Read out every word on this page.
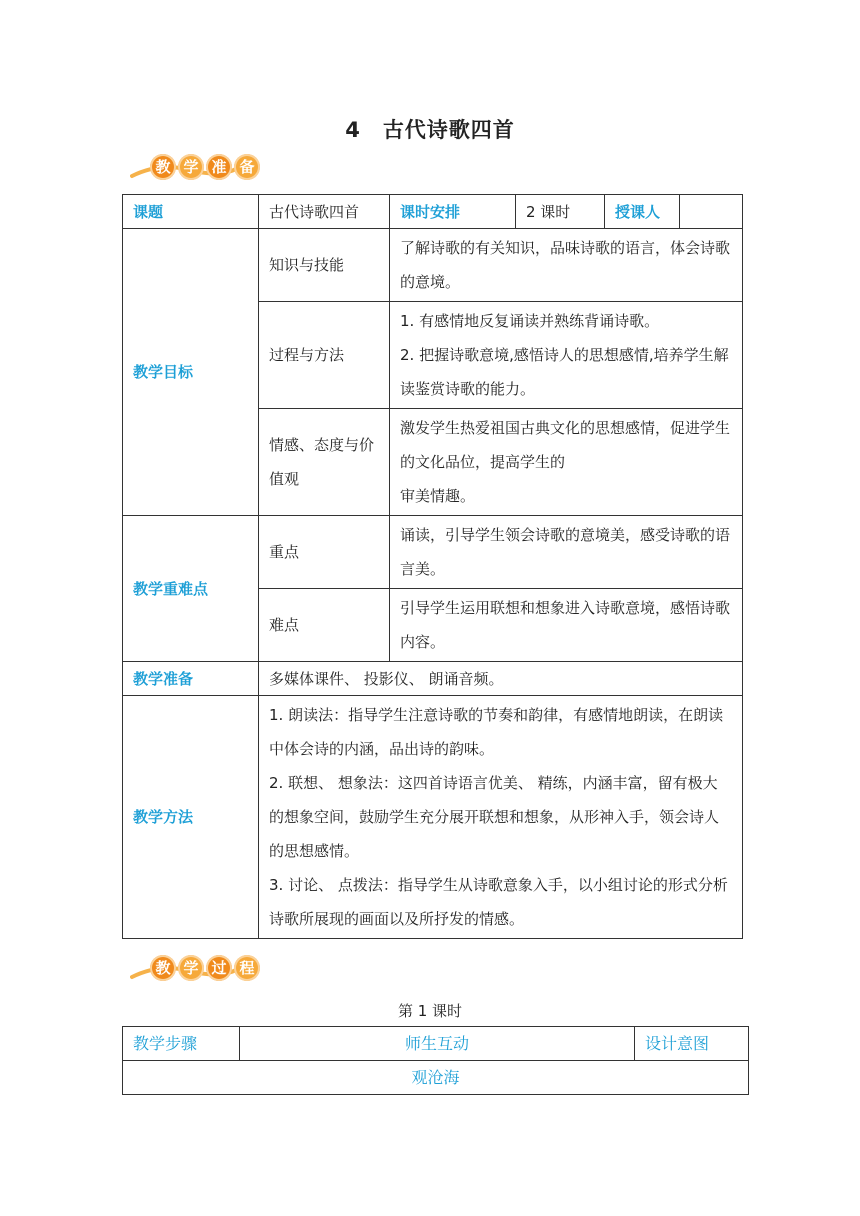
4 古代诗歌四首
教 学 准 备
课题	古代诗歌四首	课时安排	2 课时	授课人	
教学目标	知识与技能	了解诗歌的有关知识，品味诗歌的语言，体会诗歌的意境。			
	过程与方法	1. 有感情地反复诵读并熟练背诵诗歌。
2. 把握诗歌意境,感悟诗人的思想感情,培养学生解读鉴赏诗歌的能力。			

	情感、态度与价值观	激发学生热爱祖国古典文化的思想感情，促进学生的文化品位，提高学生的
审美情趣。			

教学重难点	重点	诵读，引导学生领会诗歌的意境美，感受诗歌的语言美。			
	难点	引导学生运用联想和想象进入诗歌意境，感悟诗歌内容。			
教学准备	多媒体课件、 投影仪、 朗诵音频。				
教学方法	1. 朗读法：指导学生注意诗歌的节奏和韵律，有感情地朗读，在朗读中体会诗的内涵，品出诗的韵味。
2. 联想、 想象法：这四首诗语言优美、 精练，内涵丰富，留有极大的想象空间，鼓励学生充分展开联想和想象，从形神入手，领会诗人的思想感情。
3. 讨论、 点拨法：指导学生从诗歌意象入手，以小组讨论的形式分析诗歌所展现的画面以及所抒发的情感。				
教 学 过 程
第 1 课时
教学步骤	师生互动	设计意图
观沧海
